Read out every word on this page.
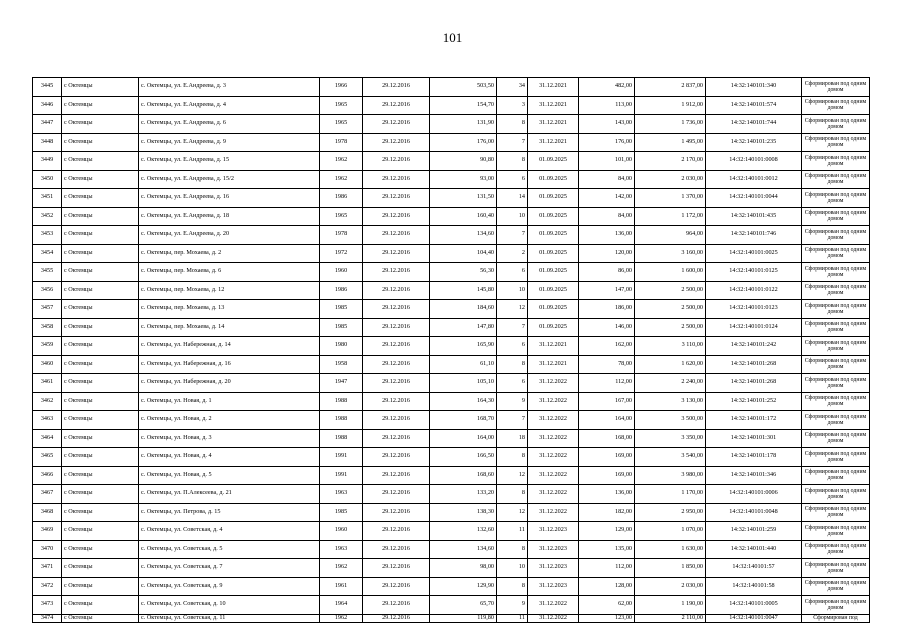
101
3445	с Октемцы	с. Октемцы, ул. Е.Андреева, д. 3	1966	29.12.2016	503,50	34	31.12.2021	482,00	2 837,00	14:32:140101:340	Сформирован под одним домом
3446	с Октемцы	с. Октемцы, ул. Е.Андреева, д. 4	1965	29.12.2016	154,70	3	31.12.2021	113,00	1 912,00	14:32:140101:574	Сформирован под одним домом
3447	с Октемцы	с. Октемцы, ул. Е.Андреева, д. 6	1965	29.12.2016	131,90	8	31.12.2021	143,00	1 736,00	14:32:140101:744	Сформирован под одним домом
3448	с Октемцы	с. Октемцы, ул. Е.Андреева, д. 9	1978	29.12.2016	176,00	7	31.12.2021	176,00	1 495,00	14:32:140101:235	Сформирован под одним домом
3449	с Октемцы	с. Октемцы, ул. Е.Андреева, д. 15	1962	29.12.2016	90,80	8	01.09.2025	101,00	2 170,00	14:32:140101:0008	Сформирован под одним домом
3450	с Октемцы	с. Октемцы, ул. Е.Андреева, д. 15/2	1962	29.12.2016	93,00	6	01.09.2025	84,00	2 030,00	14:32:140101:0012	Сформирован под одним домом
3451	с Октемцы	с. Октемцы, ул. Е.Андреева, д. 16	1986	29.12.2016	131,50	14	01.09.2025	142,00	1 370,00	14:32:140101:0044	Сформирован под одним домом
3452	с Октемцы	с. Октемцы, ул. Е.Андреева, д. 18	1965	29.12.2016	160,40	10	01.09.2025	84,00	1 172,00	14:32:140101:435	Сформирован под одним домом
3453	с Октемцы	с. Октемцы, ул. Е.Андреева, д. 20	1978	29.12.2016	134,60	7	01.09.2025	136,00	964,00	14:32:140101:746	Сформирован под одним домом
3454	с Октемцы	с. Октемцы, пер. Мохаева, д. 2	1972	29.12.2016	104,40	2	01.09.2025	120,00	3 160,00	14:32:140101:0025	Сформирован под одним домом
3455	с Октемцы	с. Октемцы, пер. Мохаева, д. 6	1960	29.12.2016	56,30	6	01.09.2025	86,00	1 600,00	14:32:140101:0125	Сформирован под одним домом
3456	с Октемцы	с. Октемцы, пер. Мохаева, д. 12	1986	29.12.2016	145,80	10	01.09.2025	147,00	2 500,00	14:32:140101:0122	Сформирован под одним домом
3457	с Октемцы	с. Октемцы, пер. Мохаева, д. 13	1985	29.12.2016	184,60	12	01.09.2025	186,00	2 500,00	14:32:140101:0123	Сформирован под одним домом
3458	с Октемцы	с. Октемцы, пер. Мохаева, д. 14	1985	29.12.2016	147,80	7	01.09.2025	146,00	2 500,00	14:32:140101:0124	Сформирован под одним домом
3459	с Октемцы	с. Октемцы, ул. Набережная, д. 14	1980	29.12.2016	165,90	6	31.12.2021	162,00	3 110,00	14:32:140101:242	Сформирован под одним домом
3460	с Октемцы	с. Октемцы, ул. Набережная, д. 16	1958	29.12.2016	61,10	8	31.12.2021	78,00	1 620,00	14:32:140101:268	Сформирован под одним домом
3461	с Октемцы	с. Октемцы, ул. Набережная, д. 20	1947	29.12.2016	105,10	6	31.12.2022	112,00	2 240,00	14:32:140101:268	Сформирован под одним домом
3462	с Октемцы	с. Октемцы, ул. Новая, д. 1	1988	29.12.2016	164,30	9	31.12.2022	167,00	3 130,00	14:32:140101:252	Сформирован под одним домом
3463	с Октемцы	с. Октемцы, ул. Новая, д. 2	1988	29.12.2016	168,70	7	31.12.2022	164,00	3 500,00	14:32:140101:172	Сформирован под одним домом
3464	с Октемцы	с. Октемцы, ул. Новая, д. 3	1988	29.12.2016	164,00	18	31.12.2022	168,00	3 350,00	14:32:140101:301	Сформирован под одним домом
3465	с Октемцы	с. Октемцы, ул. Новая, д. 4	1991	29.12.2016	166,50	8	31.12.2022	169,00	3 540,00	14:32:140101:178	Сформирован под одним домом
3466	с Октемцы	с. Октемцы, ул. Новая, д. 5	1991	29.12.2016	168,60	12	31.12.2022	169,00	3 980,00	14:32:140101:346	Сформирован под одним домом
3467	с Октемцы	с. Октемцы, ул. П.Алексеева, д. 21	1963	29.12.2016	133,20	8	31.12.2022	136,00	1 170,00	14:32:140101:0006	Сформирован под одним домом
3468	с Октемцы	с. Октемцы, ул. Петрова, д. 15	1985	29.12.2016	138,30	12	31.12.2022	182,00	2 950,00	14:32:140101:0048	Сформирован под одним домом
3469	с Октемцы	с. Октемцы, ул. Советская, д. 4	1960	29.12.2016	132,60	11	31.12.2023	129,00	1 070,00	14:32:140101:259	Сформирован под одним домом
3470	с Октемцы	с. Октемцы, ул. Советская, д. 5	1963	29.12.2016	134,60	8	31.12.2023	135,00	1 630,00	14:32:140101:440	Сформирован под одним домом
3471	с Октемцы	с. Октемцы, ул. Советская, д. 7	1962	29.12.2016	98,00	10	31.12.2023	112,00	1 850,00	14:32:140101:57	Сформирован под одним домом
3472	с Октемцы	с. Октемцы, ул. Советская, д. 9	1961	29.12.2016	129,90	8	31.12.2023	128,00	2 030,00	14:32:140101:58	Сформирован под одним домом
3473	с Октемцы	с. Октемцы, ул. Советская, д. 10	1964	29.12.2016	65,70	9	31.12.2022	62,00	1 190,00	14:32:140101:0005	Сформирован под одним домом
3474	с Октемцы	с. Октемцы, ул. Советская, д. 11	1962	29.12.2016	119,80	11	31.12.2022	123,00	2 110,00	14:32:140101:0047	Сформирован под
